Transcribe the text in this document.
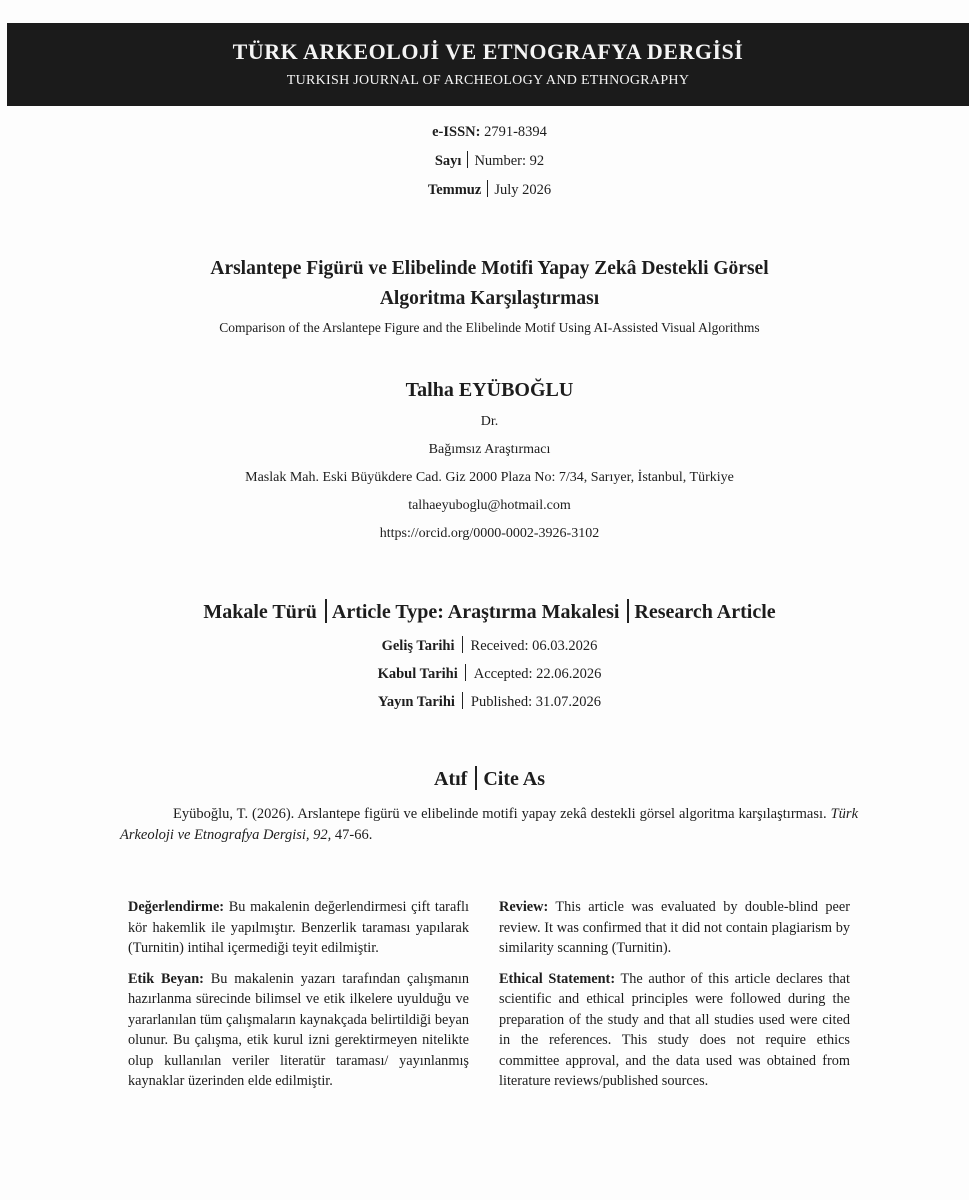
TÜRK ARKEOLOJİ VE ETNOGRAFYA DERGİSİ
TURKISH JOURNAL OF ARCHEOLOGY AND ETHNOGRAPHY
e-ISSN: 2791-8394
Sayı Number: 92
Temmuz July 2026
Arslantepe Figürü ve Elibelinde Motifi Yapay Zekâ Destekli Görsel
Algoritma Karşılaştırması
Comparison of the Arslantepe Figure and the Elibelinde Motif Using AI-Assisted Visual Algorithms
Talha EYÜBOĞLU
Dr.
Bağımsız Araştırmacı
Maslak Mah. Eski Büyükdere Cad. Giz 2000 Plaza No: 7/34, Sarıyer, İstanbul, Türkiye
talhaeyuboglu@hotmail.com
https://orcid.org/0000-0002-3926-3102
Makale Türü Article Type: Araştırma Makalesi Research Article
Geliş Tarihi Received: 06.03.2026
Kabul Tarihi Accepted: 22.06.2026
Yayın Tarihi Published: 31.07.2026
Atıf Cite As
Eyüboğlu, T. (2026). Arslantepe figürü ve elibelinde motifi yapay zekâ destekli görsel algoritma karşılaştırması. Türk Arkeoloji ve Etnografya Dergisi, 92, 47-66.

Değerlendirme: Bu makalenin değerlendirmesi çift taraflı kör hakemlik ile yapılmıştır. Benzerlik taraması yapılarak (Turnitin) intihal içermediği teyit edilmiştir.

Etik Beyan: Bu makalenin yazarı tarafından çalışmanın hazırlanma sürecinde bilimsel ve etik ilkelere uyulduğu ve yararlanılan tüm çalışmaların kaynakçada belirtildiği beyan olunur. Bu çalışma, etik kurul izni gerektirmeyen nitelikte olup kullanılan veriler literatür taraması/ yayınlanmış kaynaklar üzerinden elde edilmiştir.

Review: This article was evaluated by double-blind peer review. It was confirmed that it did not contain plagiarism by similarity scanning (Turnitin).

Ethical Statement: The author of this article declares that scientific and ethical principles were followed during the preparation of the study and that all studies used were cited in the references. This study does not require ethics committee approval, and the data used was obtained from literature reviews/published sources.
